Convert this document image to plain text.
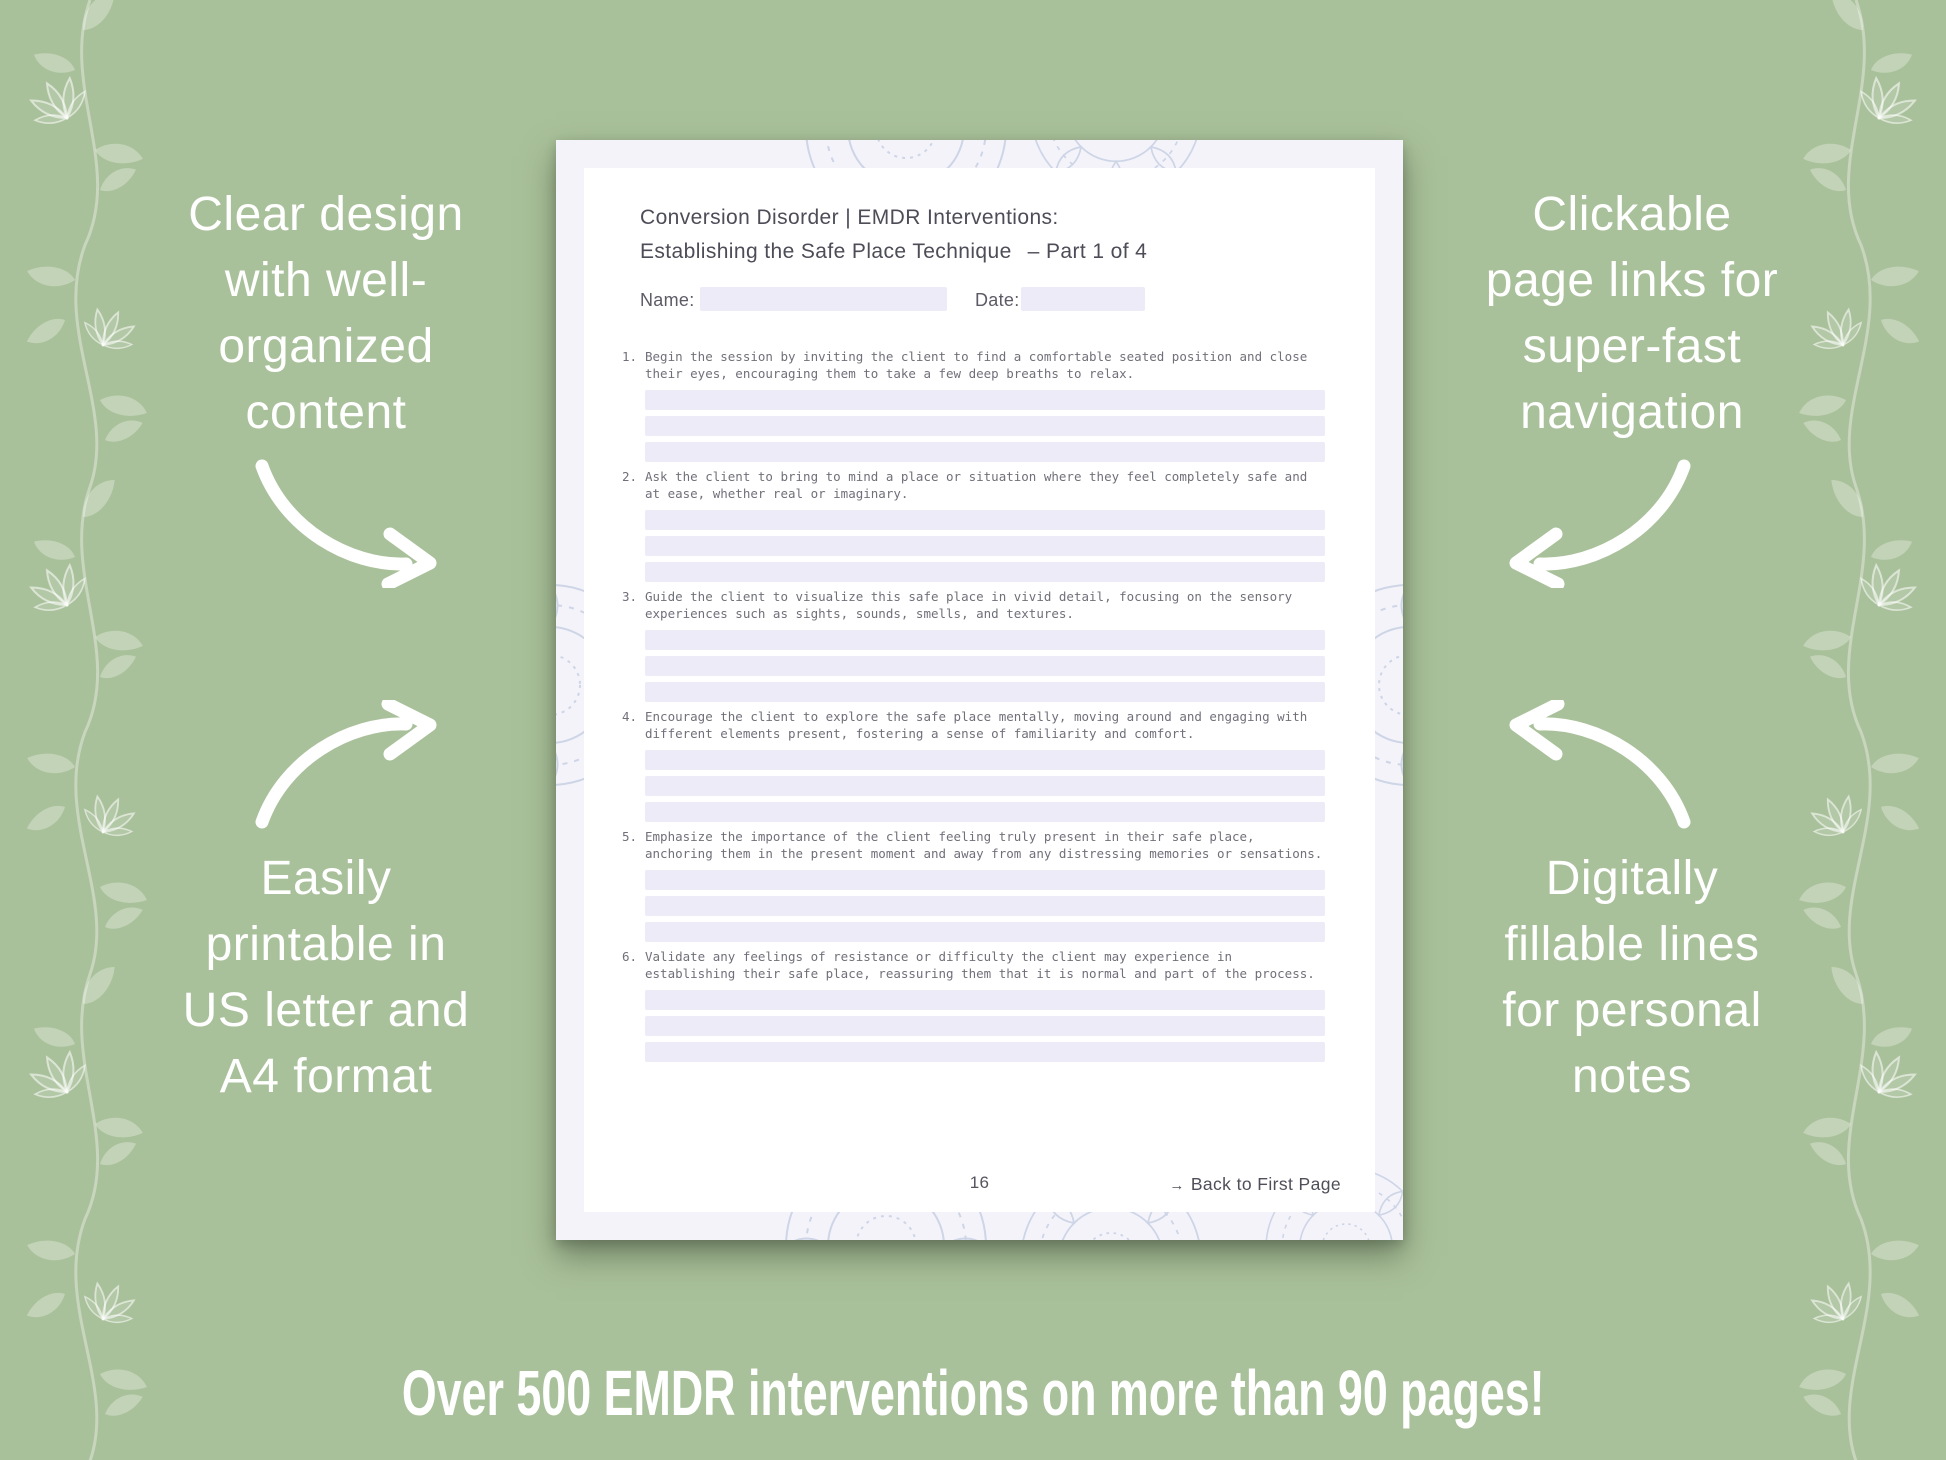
Clear design
with well-
organized
content
Easily
printable in
US letter and
A4 format
Clickable
page links for
super-fast
navigation
Digitally
fillable lines
for personal
notes
Conversion Disorder | EMDR Interventions:
Establishing the Safe Place Technique – Part 1 of 4
Name:	Date:
1. Begin the session by inviting the client to find a comfortable seated position and close
their eyes, encouraging them to take a few deep breaths to relax.
2. Ask the client to bring to mind a place or situation where they feel completely safe and
at ease, whether real or imaginary.
3. Guide the client to visualize this safe place in vivid detail, focusing on the sensory
experiences such as sights, sounds, smells, and textures.
4. Encourage the client to explore the safe place mentally, moving around and engaging with
different elements present, fostering a sense of familiarity and comfort.
5. Emphasize the importance of the client feeling truly present in their safe place,
anchoring them in the present moment and away from any distressing memories or sensations.
6. Validate any feelings of resistance or difficulty the client may experience in
establishing their safe place, reassuring them that it is normal and part of the process.
16	→ Back to First Page
Over 500 EMDR interventions on more than 90 pages!
